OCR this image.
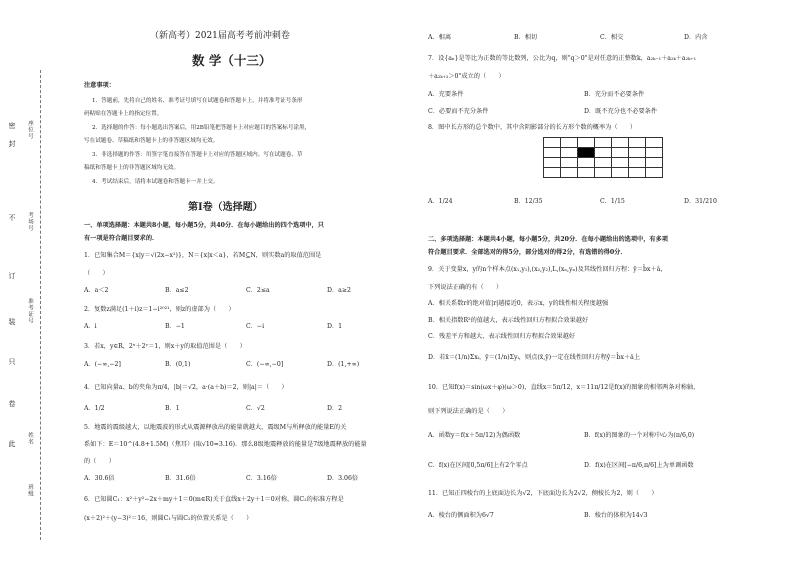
密
封
不
订
装
只
卷
此
座位号
考场号
准考证号
姓名
班级
（新高考）2021届高考考前冲刺卷
数 学（十三）
注意事项：
1．答题前，先将自己的姓名、准考证号填写在试题卷和答题卡上，并将准考证号条形
码粘贴在答题卡上的指定位置。
2．选择题的作答：每小题选出答案后，用2B铅笔把答题卡上对应题目的答案标号涂黑，
写在试题卷、草稿纸和答题卡上的非答题区域均无效。
3．非选择题的作答：用签字笔直接答在答题卡上对应的答题区域内。写在试题卷、草
稿纸和答题卡上的非答题区域均无效。
4．考试结束后，请将本试题卷和答题卡一并上交。
第Ⅰ卷（选择题）
一、单项选择题：本题共8小题，每小题5分，共40分．在每小题给出的四个选项中，只
有一项是符合题目要求的．
1．已知集合M＝{x|y＝√(2x−x²)}，N＝{x|x＜a}，若M⊆N，则实数a的取值范围是
（　　）
A．a＜2	B．a≤2	C．2≤a	D．a≥2
2．复数z满足(1＋i)z＝1−i²⁰²¹，则z的虚部为（　　）
A．i	B．−1	C．−i	D．1
3．若x，y∈R，2ˣ＋2ʸ＝1，则x＋y的取值范围是（　　）
A．(−∞,−2]	B．(0,1)	C．(−∞,−0]	D．(1,+∞)
4．已知向量a、b的夹角为π/4，|b|＝√2，a·(a＋b)＝2，则|a|＝（　　）
A．1/2	B．1	C．√2	D．2
5．地震的震级越大，以地震波的形式从震源释放出的能量就越大，震级M与所释放的能量E的关
系如下：E＝10^(4.8+1.5M)（焦耳）(取√10≈3.16)．那么8级地震释放的能量是7级地震释放的能量
的（　　）
A．30.6倍	B．31.6倍	C．3.16倍	D．3.06倍
6．已知圆C₁：x²＋y²−2x＋my＋1＝0(m∈R)关于直线x＋2y＋1＝0对称，圆C₂的标准方程是
(x＋2)²＋(y−3)²＝16，则圆C₁与圆C₂的位置关系是（　　）
A．相离	B．相切	C．相交	D．内含
7．设{aₙ}是等比为正数的等比数列，公比为q，则"q＞0"是对任意的正整数k，a₂ₖ₋₁＋a₂ₖ＋a₂ₖ₊₁
＋a₂ₖ₊₂＞0"成立的（　　）
A．充要条件	B．充分而不必要条件
C．必要而不充分条件	D．既不充分也不必要条件
8．图中长方形的总个数中，其中含阴影部分的长方形个数的概率为（　　）

A．1/24	B．12/35	C．1/15	D．31/210
二、多项选择题：本题共4小题，每小题5分，共20分．在每小题给出的选项中，有多项
符合题目要求．全部选对的得5分，部分选对的得2分，有选错的得0分．
9．关于变量x，y的n个样本点(x₁,y₁),(x₂,y₂),L,(xₙ,yₙ)及其线性回归方程：ŷ＝b̂x＋â，
下列说法正确的有（　　）
A．相关系数r的绝对值|r|越接近0，表示x，y的线性相关程度越强
B．相关指数R²的值越大，表示线性回归方程拟合效果越好
C．残差平方和越大，表示线性回归方程拟合效果越好
D．若x̄＝(1/n)Σxᵢ，ȳ＝(1/n)Σyᵢ，则点(x̄,ȳ)一定在线性回归方程ŷ＝b̂x＋â上
10．已知f(x)＝sin(ωx＋φ)(ω＞0)，直线x＝5π/12，x＝11π/12是f(x)的图象的相邻两条对称轴，
则下列说法正确的是（　　）
A．函数y＝f(x＋5π/12)为偶函数	B．f(x)的图象的一个对称中心为(π/6,0)
C．f(x)在区间[0,5π/6]上有2个零点	D．f(x)在区间[−π/6,π/6]上为单调函数
11．已知正四棱台的上底面边长为√2，下底面边长为2√2，侧棱长为2，则（　　）
A．棱台的侧面积为6√7	B．棱台的体积为14√3
